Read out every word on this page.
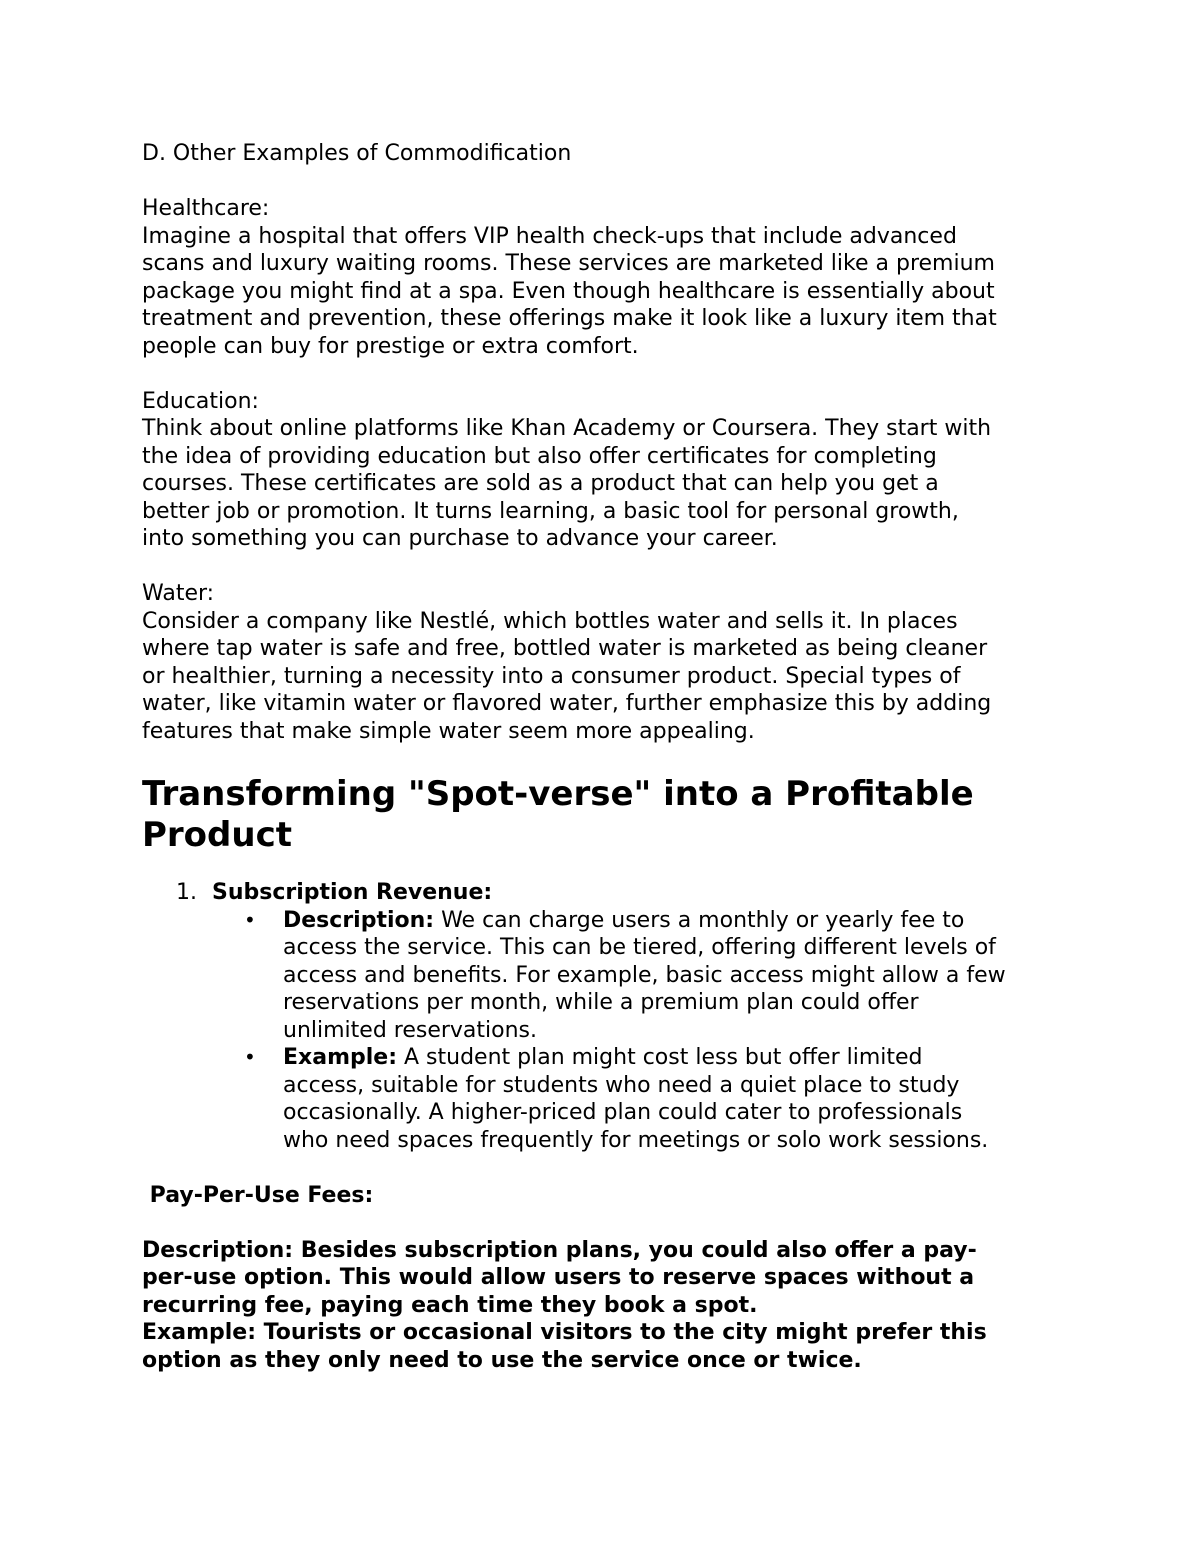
D. Other Examples of Commodification

Healthcare:
Imagine a hospital that offers VIP health check-ups that include advanced
scans and luxury waiting rooms. These services are marketed like a premium
package you might find at a spa. Even though healthcare is essentially about
treatment and prevention, these offerings make it look like a luxury item that
people can buy for prestige or extra comfort.
Education:
Think about online platforms like Khan Academy or Coursera. They start with
the idea of providing education but also offer certificates for completing
courses. These certificates are sold as a product that can help you get a
better job or promotion. It turns learning, a basic tool for personal growth,
into something you can purchase to advance your career.
Water:
Consider a company like Nestlé, which bottles water and sells it. In places
where tap water is safe and free, bottled water is marketed as being cleaner
or healthier, turning a necessity into a consumer product. Special types of
water, like vitamin water or flavored water, further emphasize this by adding
features that make simple water seem more appealing.
Transforming "Spot-verse" into a Profitable
Product
1. Subscription Revenue:
• Description: We can charge users a monthly or yearly fee to
access the service. This can be tiered, offering different levels of
access and benefits. For example, basic access might allow a few
reservations per month, while a premium plan could offer
unlimited reservations.
• Example: A student plan might cost less but offer limited
access, suitable for students who need a quiet place to study
occasionally. A higher-priced plan could cater to professionals
who need spaces frequently for meetings or solo work sessions.
Pay-Per-Use Fees:
Description: Besides subscription plans, you could also offer a pay-
per-use option. This would allow users to reserve spaces without a
recurring fee, paying each time they book a spot.
Example: Tourists or occasional visitors to the city might prefer this
option as they only need to use the service once or twice.
